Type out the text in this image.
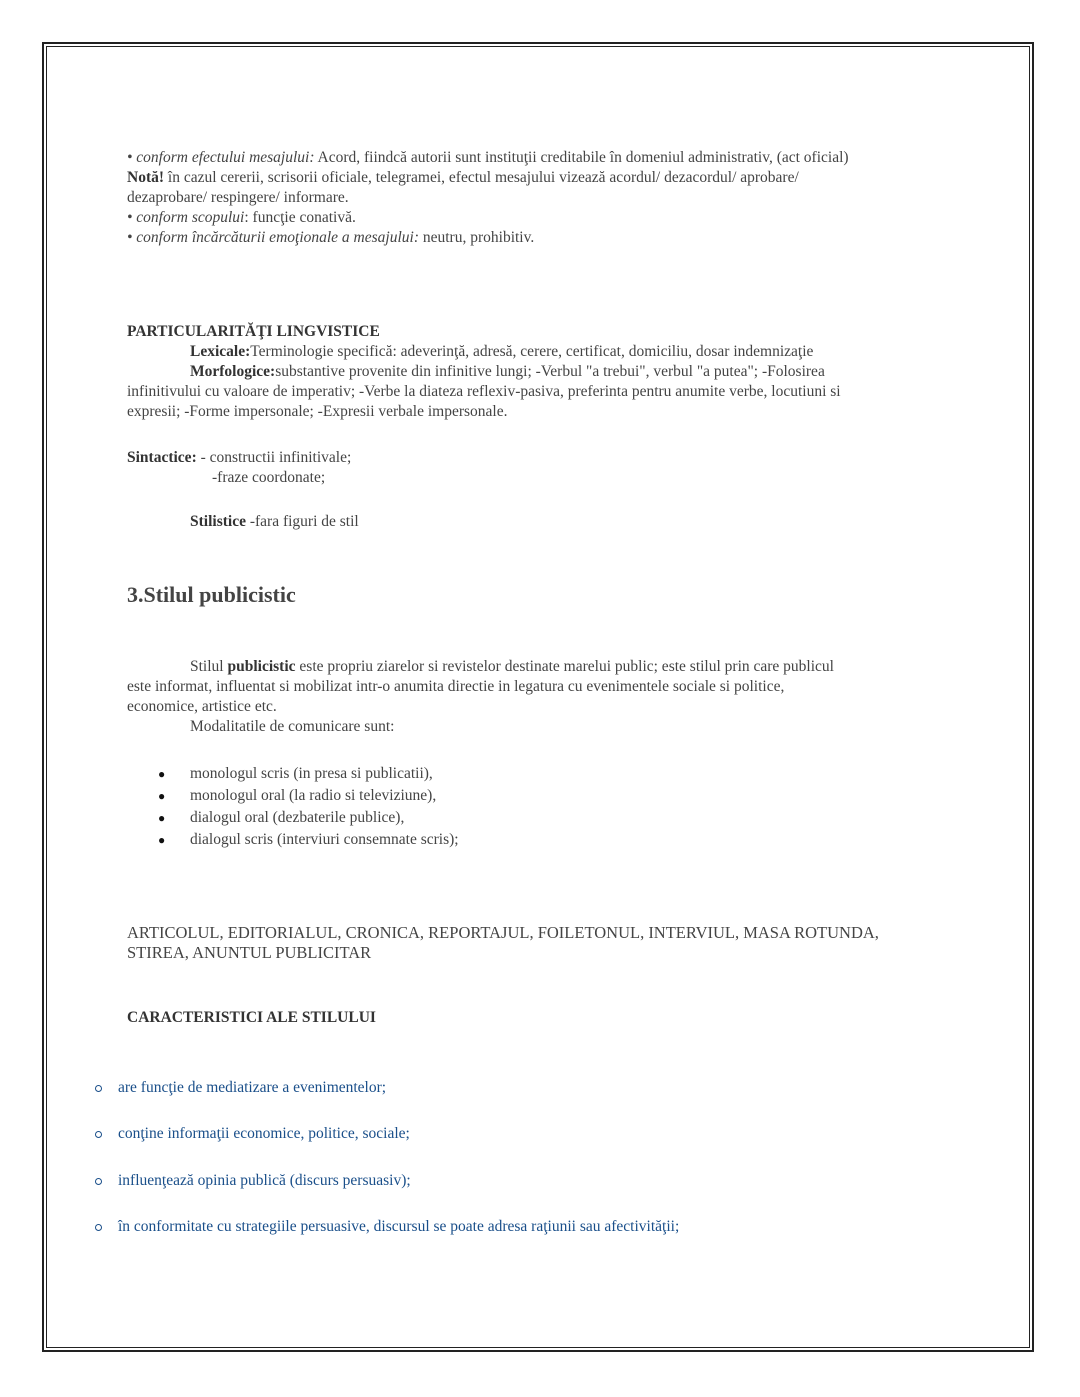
• conform efectului mesajului: Acord, fiindcă autorii sunt instituţii creditabile în domeniul administrativ, (act oficial)
Notă! în cazul cererii, scrisorii oficiale, telegramei, efectul mesajului vizează acordul/ dezacordul/ aprobare/
dezaprobare/ respingere/ informare.
• conform scopului: funcţie conativă.
• conform încărcăturii emoţionale a mesajului: neutru, prohibitiv.
PARTICULARITĂŢI LINGVISTICE
Lexicale:Terminologie specifică: adeverinţă, adresă, cerere, certificat, domiciliu, dosar indemnizaţie
Morfologice:substantive provenite din infinitive lungi; -Verbul "a trebui", verbul "a putea"; -Folosirea
infinitivului cu valoare de imperativ; -Verbe la diateza reflexiv-pasiva, preferinta pentru anumite verbe, locutiuni si
expresii; -Forme impersonale; -Expresii verbale impersonale.
Sintactice: - constructii infinitivale;
-fraze coordonate;
Stilistice -fara figuri de stil
3.Stilul publicistic
Stilul publicistic este propriu ziarelor si revistelor destinate marelui public; este stilul prin care publicul
este informat, influentat si mobilizat intr-o anumita directie in legatura cu evenimentele sociale si politice,
economice, artistice etc.
Modalitatile de comunicare sunt:
● monologul scris (in presa si publicatii),
● monologul oral (la radio si televiziune),
● dialogul oral (dezbaterile publice),
● dialogul scris (interviuri consemnate scris);
ARTICOLUL, EDITORIALUL, CRONICA, REPORTAJUL, FOILETONUL, INTERVIUL, MASA ROTUNDA,
STIREA, ANUNTUL PUBLICITAR
CARACTERISTICI ALE STILULUI
are funcţie de mediatizare a evenimentelor;
conţine informaţii economice, politice, sociale;
influenţează opinia publică (discurs persuasiv);
în conformitate cu strategiile persuasive, discursul se poate adresa raţiunii sau afectivităţii;
